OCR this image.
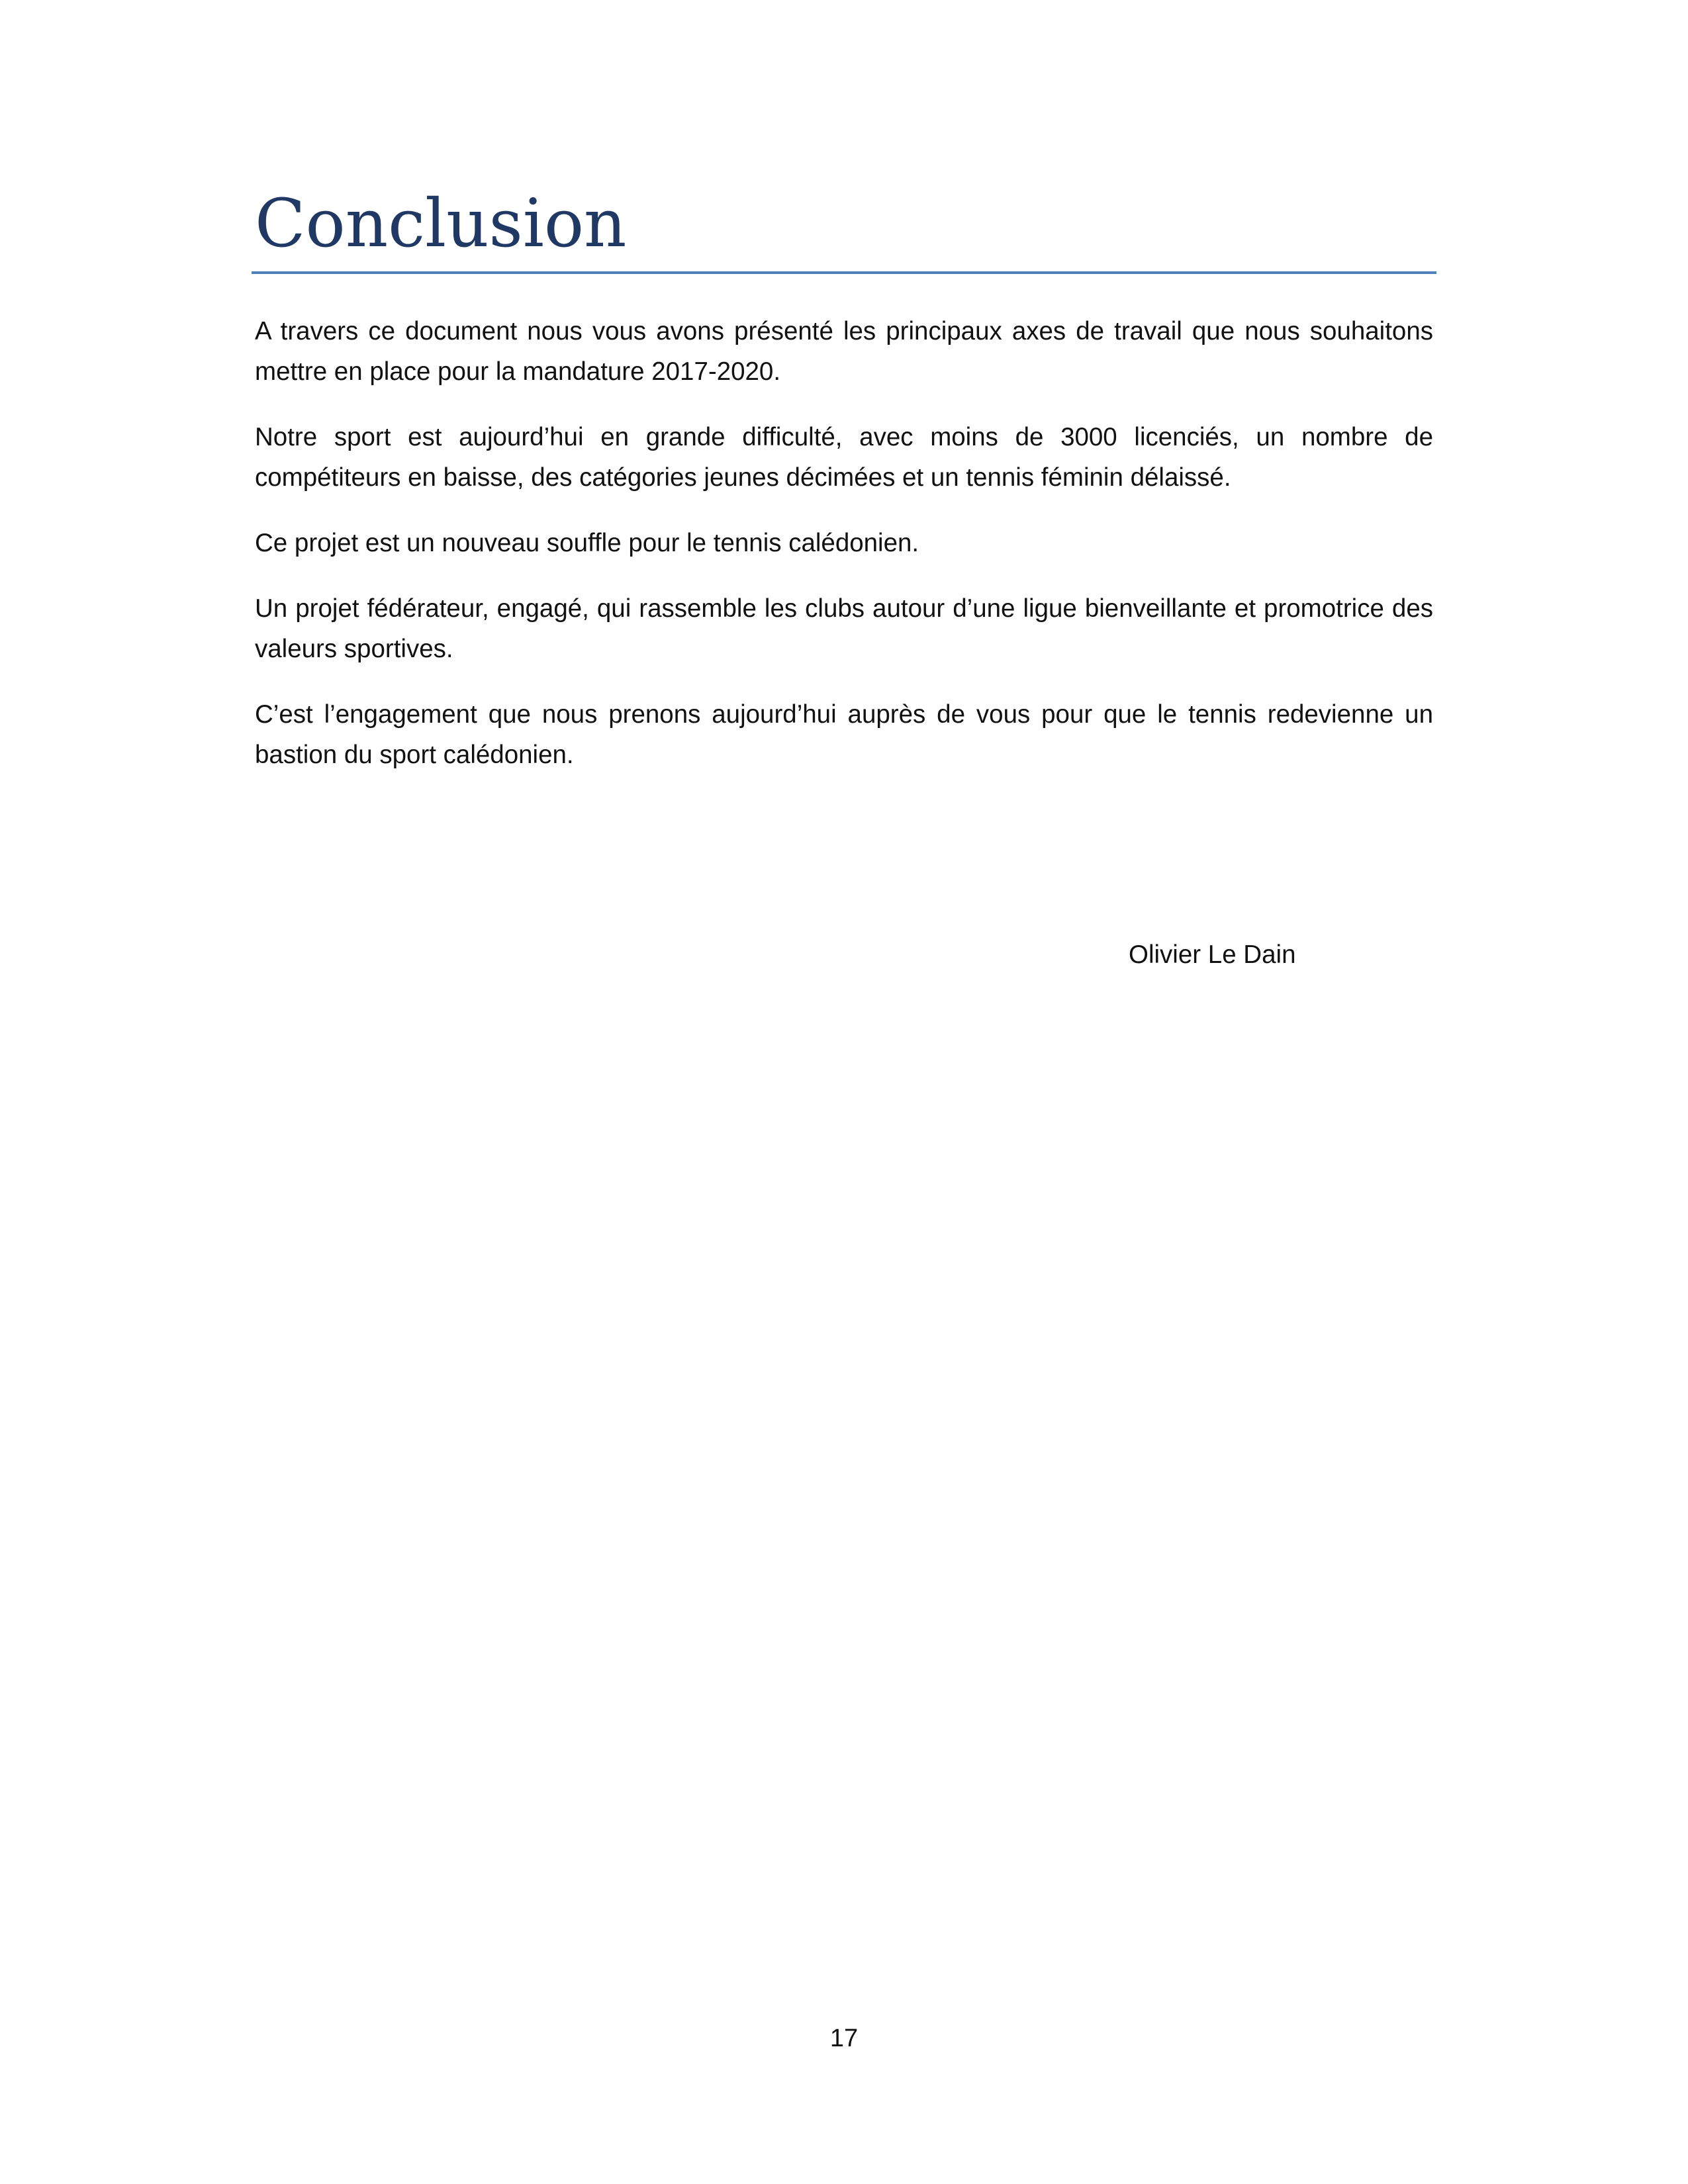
Conclusion

A travers ce document nous vous avons présenté les principaux axes de travail que nous souhaitons mettre en place pour la mandature 2017-2020.

Notre sport est aujourd’hui en grande difficulté, avec moins de 3000 licenciés, un nombre de compétiteurs en baisse, des catégories jeunes décimées et un tennis féminin délaissé.

Ce projet est un nouveau souffle pour le tennis calédonien.

Un projet fédérateur, engagé, qui rassemble les clubs autour d’une ligue bienveillante et promotrice des valeurs sportives.

C’est l’engagement que nous prenons aujourd’hui auprès de vous pour que le tennis redevienne un bastion du sport calédonien.

Olivier Le Dain

17
